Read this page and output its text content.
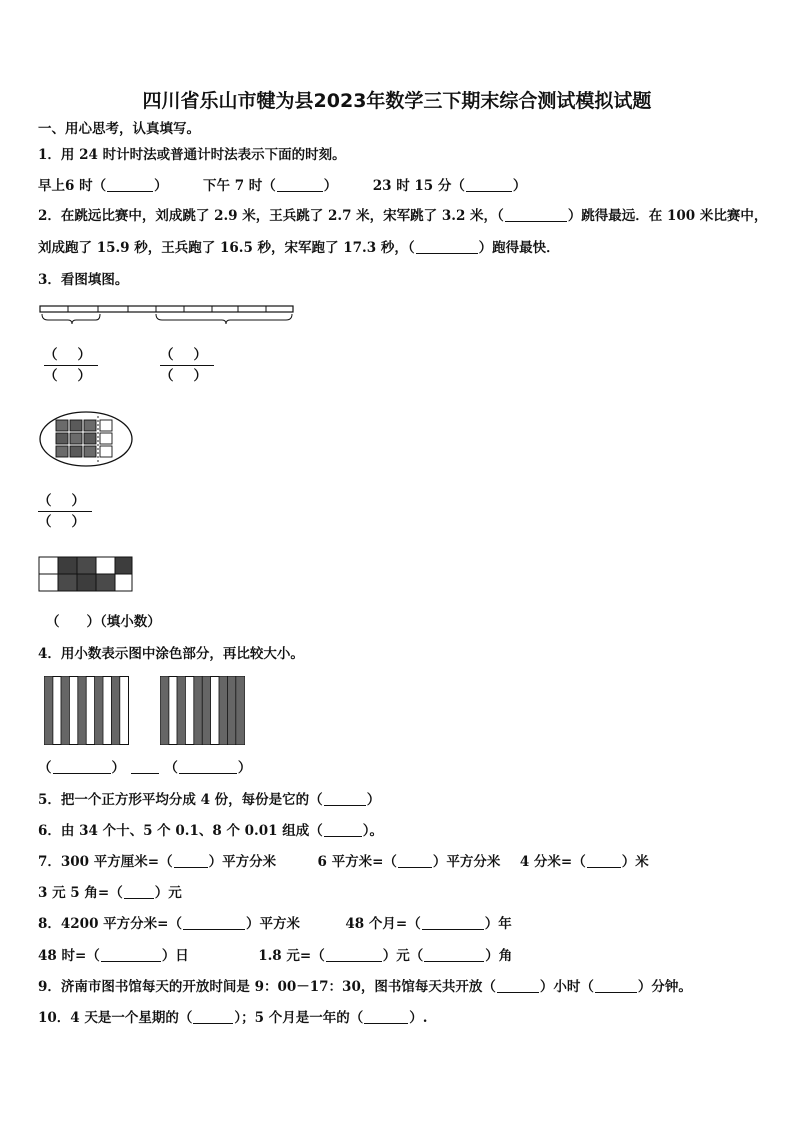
四川省乐山市犍为县2023年数学三下期末综合测试模拟试题
一、用心思考，认真填写。
1．用 24 时计时法或普通计时法表示下面的时刻。
早上6 时（	）	下午 7 时（	）	23 时 15 分（	）
2．在跳远比赛中，刘成跳了 2.9 米，王兵跳了 2.7 米，宋军跳了 3.2 米，（	）跳得最远．在 100 米比赛中，
刘成跑了 15.9 秒，王兵跑了 16.5 秒，宋军跑了 17.3 秒，（	）跑得最快．
3．看图填图。
（ ）
（ ）
（ ）
（ ）
（ ）
（ ）
（　　）（填小数）
4．用小数表示图中涂色部分，再比较大小。
（	）	（	）
5．把一个正方形平均分成 4 份，每份是它的（	）
6．由 34 个十、5 个 0.1、8 个 0.01 组成（	）。
7．300 平方厘米=（	）平方分米	6 平方米=（	）平方分米 4 分米=（	）米
3 元 5 角=（ ）元
8．4200 平方分米=（	）平方米	48 个月=（	）年
48 时=（	）日	1.8 元=（	）元（	）角
9．济南市图书馆每天的开放时间是 9：00－17：30，图书馆每天共开放（	）小时（	）分钟。
10．4 天是一个星期的（	）；5 个月是一年的（	）.
